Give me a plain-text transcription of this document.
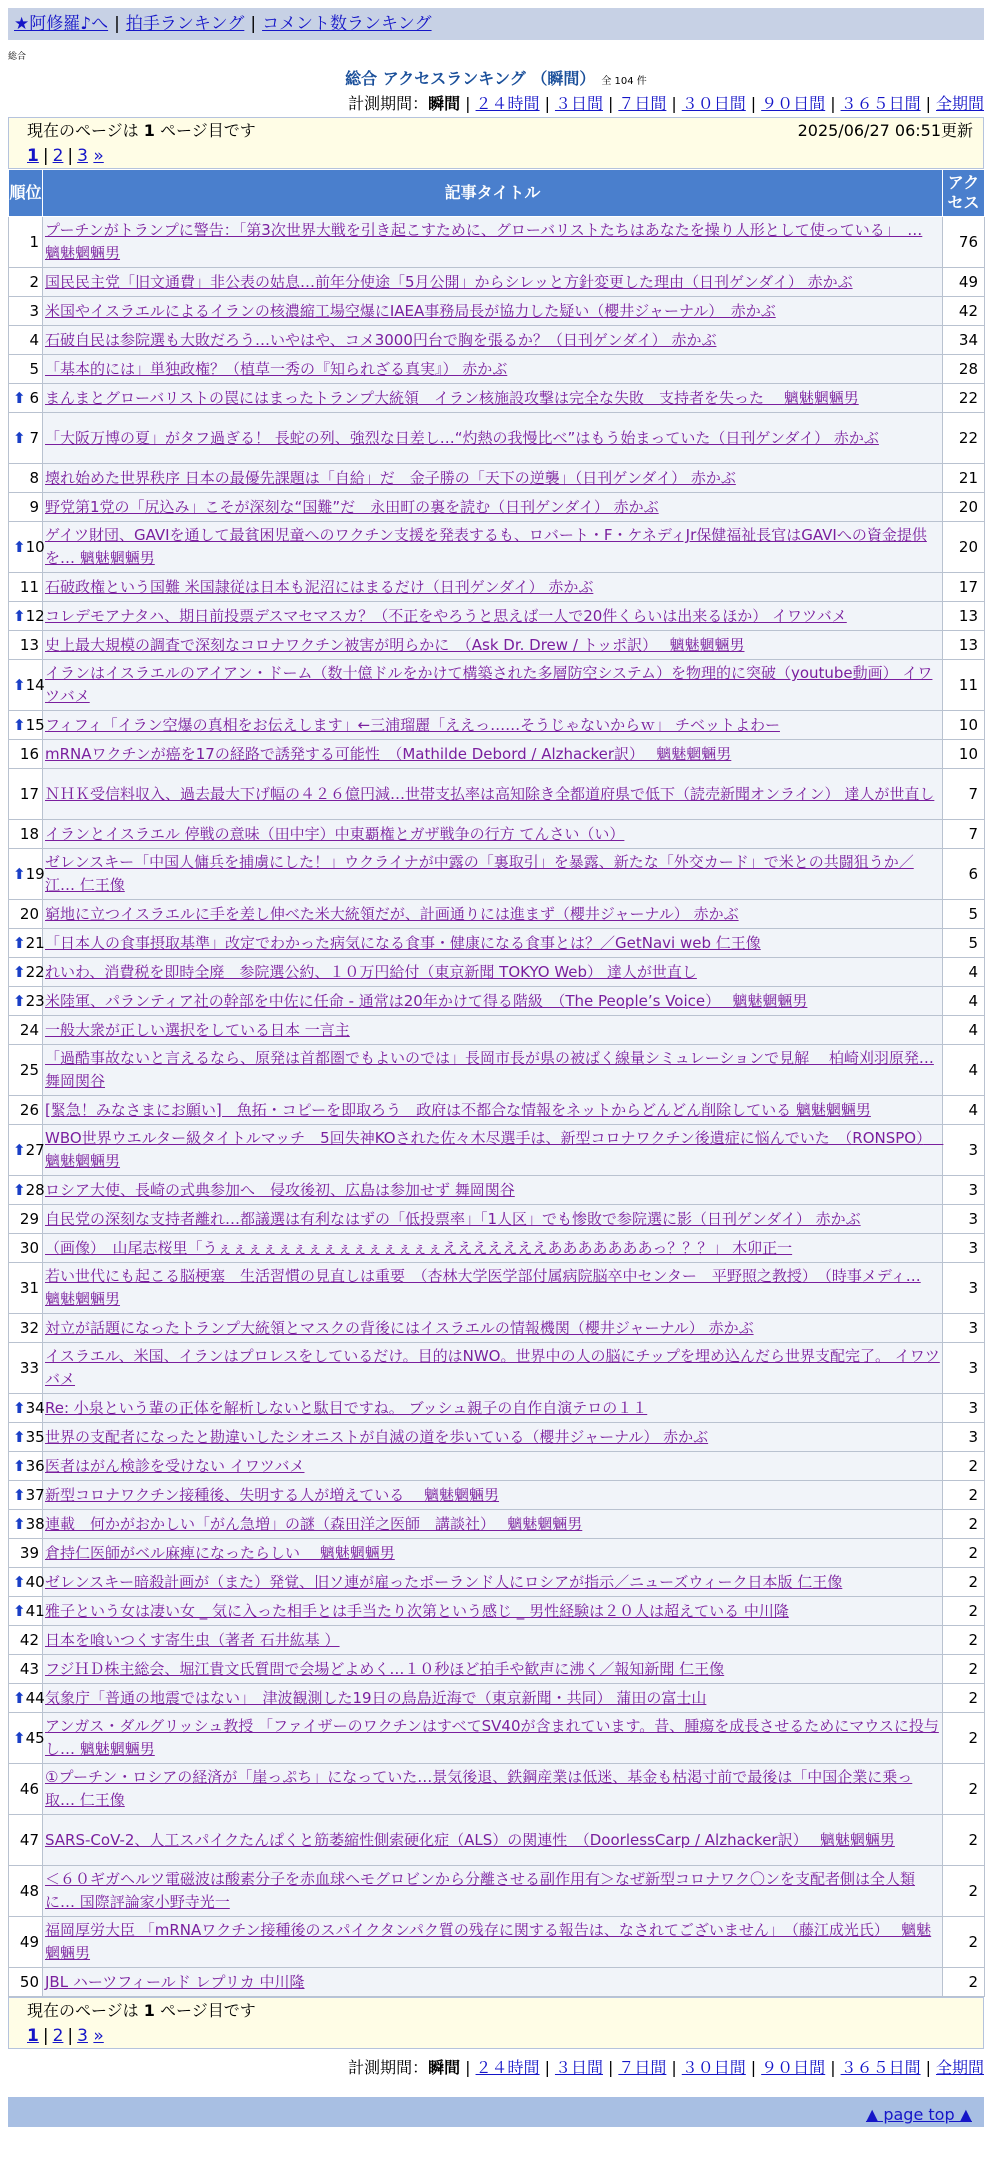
★阿修羅♪へ | 拍手ランキング | コメント数ランキング
総合
総合 アクセスランキング （瞬間） 全 104 件
計測期間：瞬間 | ２４時間 | ３日間 | ７日間 | ３０日間 | ９０日間 | ３６５日間 | 全期間
現在のページは 1 ページ目です	2025/06/27 06:51更新
1 | 2 | 3 »
順位	記事タイトル	アクセス
1	プーチンがトランプに警告：「第3次世界大戦を引き起こすために、グローバリストたちはあなたを操り人形として使っている」　… 魑魅魍魎男	76
2	国民民主党「旧文通費」非公表の姑息…前年分使途「5月公開」からシレッと方針変更した理由（日刊ゲンダイ） 赤かぶ	49
3	米国やイスラエルによるイランの核濃縮工場空爆にIAEA事務局長が協力した疑い（櫻井ジャーナル）　赤かぶ	42
4	石破自民は参院選も大敗だろう…いやはや、コメ3000円台で胸を張るか？（日刊ゲンダイ） 赤かぶ	34
5	「基本的には」単独政権？（植草一秀の『知られざる真実』） 赤かぶ	28

⬆ 6	まんまとグローバリストの罠にはまったトランプ大統領　イラン核施設攻撃は完全な失敗　支持者を失った　 魑魅魍魎男	22

⬆ 7	「大阪万博の夏」がタフ過ぎる！ 長蛇の列、強烈な日差し…“灼熱の我慢比べ”はもう始まっていた（日刊ゲンダイ） 赤かぶ	22
8	壊れ始めた世界秩序 日本の最優先課題は「自給」だ　金子勝の「天下の逆襲」（日刊ゲンダイ） 赤かぶ	21
9	野党第1党の「尻込み」こそが深刻な“国難”だ　永田町の裏を読む（日刊ゲンダイ） 赤かぶ	20

⬆ 10	ゲイツ財団、GAVIを通して最貧困児童へのワクチン支援を発表するも、ロバート・F・ケネディJr保健福祉長官はGAVIへの資金提供を… 魑魅魍魎男	20
11	石破政権という国難 米国隷従は日本も泥沼にはまるだけ（日刊ゲンダイ） 赤かぶ	17

⬆ 12	コレデモアナタハ、期日前投票デスマセマスカ？（不正をやろうと思えば一人で20件くらいは出来るほか） イワツバメ	13
13	史上最大規模の調査で深刻なコロナワクチン被害が明らかに　（Ask Dr. Drew / トッポ訳）　 魑魅魍魎男	13

⬆ 14	イランはイスラエルのアイアン・ドーム（数十億ドルをかけて構築された多層防空システム）を物理的に突破（youtube動画） イワツバメ	11

⬆ 15	フィフィ「イラン空爆の真相をお伝えします」←三浦瑠麗「ええっ……そうじゃないからｗ」 チベットよわー	10
16	mRNAワクチンが癌を17の経路で誘発する可能性　（Mathilde Debord / Alzhacker訳）　 魑魅魍魎男	10
17	ＮＨＫ受信料収入、過去最大下げ幅の４２６億円減…世帯支払率は高知除き全都道府県で低下（読売新聞オンライン） 達人が世直し	7
18	イランとイスラエル 停戦の意味（田中宇）中東覇権とガザ戦争の行方 てんさい（い）	7

⬆ 19	ゼレンスキー「中国人傭兵を捕虜にした！」ウクライナが中露の「裏取引」を暴露、新たな「外交カード」で米との共闘狙うか／江… 仁王像	6
20	窮地に立つイスラエルに手を差し伸べた米大統領だが、計画通りには進まず（櫻井ジャーナル） 赤かぶ	5

⬆ 21	「日本人の食事摂取基準」改定でわかった病気になる食事・健康になる食事とは？／GetNavi web 仁王像	5

⬆ 22	れいわ、消費税を即時全廃　参院選公約、１０万円給付（東京新聞 TOKYO Web） 達人が世直し	4

⬆ 23	米陸軍、パランティア社の幹部を中佐に任命 - 通常は20年かけて得る階級　（The People’s Voice）　 魑魅魍魎男	4
24	一般大衆が正しい選択をしている日本 一言主	4
25	「過酷事故ないと言えるなら、原発は首都圏でもよいのでは」長岡市長が県の被ばく線量シミュレーションで見解　 柏崎刈羽原発… 舞岡関谷	4
26	[緊急！みなさまにお願い]　魚拓・コピーを即取ろう　政府は不都合な情報をネットからどんどん削除している 魑魅魍魎男	4

⬆ 27	WBO世界ウエルター級タイトルマッチ　5回失神KOされた佐々木尽選手は、新型コロナワクチン後遺症に悩んでいた　（RONSPO）　 魑魅魍魎男	3

⬆ 28	ロシア大使、長崎の式典参加へ　侵攻後初、広島は参加せず 舞岡関谷	3
29	自民党の深刻な支持者離れ…都議選は有利なはずの「低投票率」「1人区」でも惨敗で参院選に影（日刊ゲンダイ） 赤かぶ	3
30	（画像）　山尾志桜里「うぇぇぇぇぇぇぇぇぇぇぇぇぇぇぇえええええええあああああああっ？？？」 木卯正一	3
31	若い世代にも起こる脳梗塞　生活習慣の見直しは重要　（杏林大学医学部付属病院脳卒中センター　平野照之教授）　（時事メディ… 魑魅魍魎男	3
32	対立が話題になったトランプ大統領とマスクの背後にはイスラエルの情報機関（櫻井ジャーナル） 赤かぶ	3
33	イスラエル、米国、イランはプロレスをしているだけ。目的はNWO。世界中の人の脳にチップを埋め込んだら世界支配完了。 イワツバメ	3

⬆ 34	Re: 小泉という輩の正体を解析しないと駄目ですね。 ブッシュ親子の自作自演テロの１１	3

⬆ 35	世界の支配者になったと勘違いしたシオニストが自滅の道を歩いている（櫻井ジャーナル） 赤かぶ	3

⬆ 36	医者はがん検診を受けない イワツバメ	2

⬆ 37	新型コロナワクチン接種後、失明する人が増えている　 魑魅魍魎男	2

⬆ 38	連載　何かがおかしい「がん急増」の謎（森田洋之医師　講談社）　 魑魅魍魎男	2
39	倉持仁医師がベル麻痺になったらしい　 魑魅魍魎男	2

⬆ 40	ゼレンスキー暗殺計画が（また）発覚、旧ソ連が雇ったポーランド人にロシアが指示／ニューズウィーク日本版 仁王像	2

⬆ 41	雅子という女は凄い女 _ 気に入った相手とは手当たり次第という感じ _ 男性経験は２０人は超えている 中川隆	2
42	日本を喰いつくす寄生虫（著者 石井紘基 ）	2
43	フジＨＤ株主総会、堀江貴文氏質問で会場どよめく…１０秒ほど拍手や歓声に沸く／報知新聞 仁王像	2

⬆ 44	気象庁「普通の地震ではない」　津波観測した19日の鳥島近海で（東京新聞・共同） 蒲田の富士山	2

⬆ 45	アンガス・ダルグリッシュ教授 「ファイザーのワクチンはすべてSV40が含まれています。昔、腫瘍を成長させるためにマウスに投与し… 魑魅魍魎男	2
46	①プーチン・ロシアの経済が「崖っぷち」になっていた…景気後退、鉄鋼産業は低迷、基金も枯渇寸前で最後は「中国企業に乗っ取… 仁王像	2
47	SARS-CoV-2、人工スパイクたんぱくと筋萎縮性側索硬化症（ALS）の関連性　（DoorlessCarp / Alzhacker訳）　 魑魅魍魎男	2
48	＜６０ギガヘルツ電磁波は酸素分子を赤血球ヘモグロビンから分離させる副作用有＞なぜ新型コロナワク〇ンを支配者側は全人類に… 国際評論家小野寺光一	2
49	福岡厚労大臣 「mRNAワクチン接種後のスパイクタンパク質の残存に関する報告は、なされてございません」　（藤江成光氏）　 魑魅魍魎男	2
50	JBL ハーツフィールド レプリカ 中川隆	2
現在のページは 1 ページ目です
1 | 2 | 3 »
計測期間：瞬間 | ２４時間 | ３日間 | ７日間 | ３０日間 | ９０日間 | ３６５日間 | 全期間
▲ page top ▲
